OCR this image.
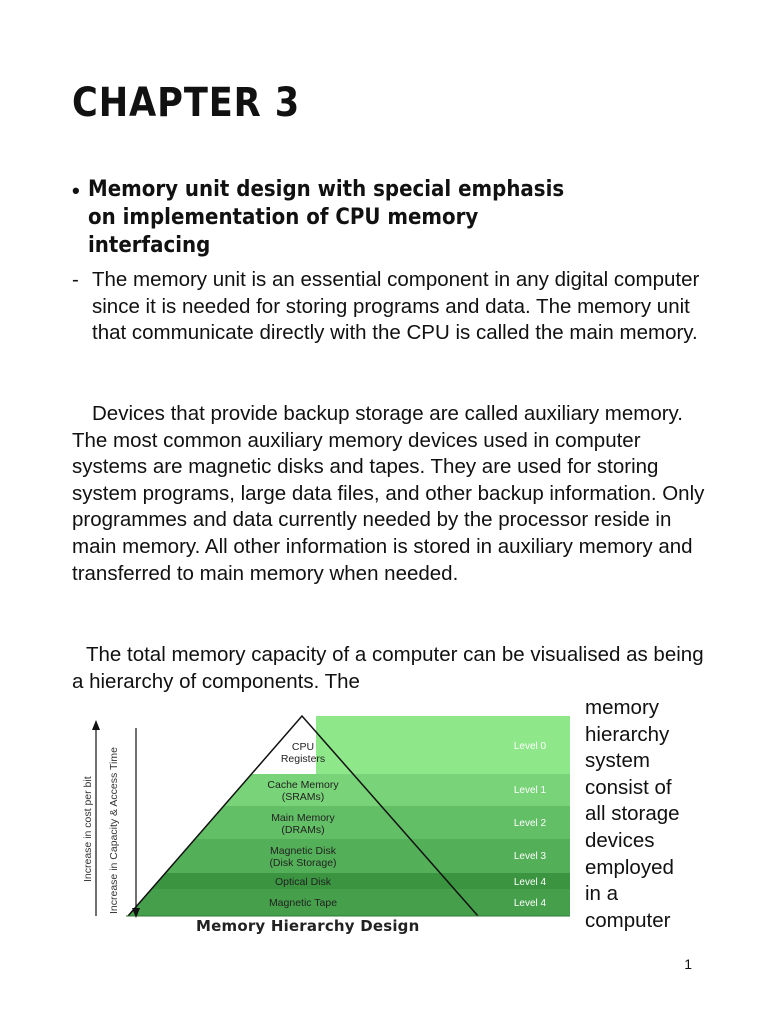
CHAPTER 3
• Memory unit design with special emphasis on implementation of CPU memory interfacing

- The memory unit is an essential component in any digital computer since it is needed for storing programs and data. The memory unit that communicate directly with the CPU is called the main memory.

Devices that provide backup storage are called auxiliary memory. The most common auxiliary memory devices used in computer systems are magnetic disks and tapes. They are used for storing system programs, large data files, and other backup information. Only programmes and data currently needed by the processor reside in main memory. All other information is stored in auxiliary memory and transferred to main memory when needed.

The total memory capacity of a computer can be visualised as being a hierarchy of components. The

memory
hierarchy
system
consist of
all storage
devices
employed
in a
computer
Increase in cost per bit Increase in Capacity & Access Time
CPU
Registers
Cache Memory
(SRAMs)
Main Memory
(DRAMs)
Magnetic Disk
(Disk Storage)
Optical Disk
Magnetic Tape
Level 0
Level 1
Level 2
Level 3
Level 4
Level 4
Memory Hierarchy Design
1
